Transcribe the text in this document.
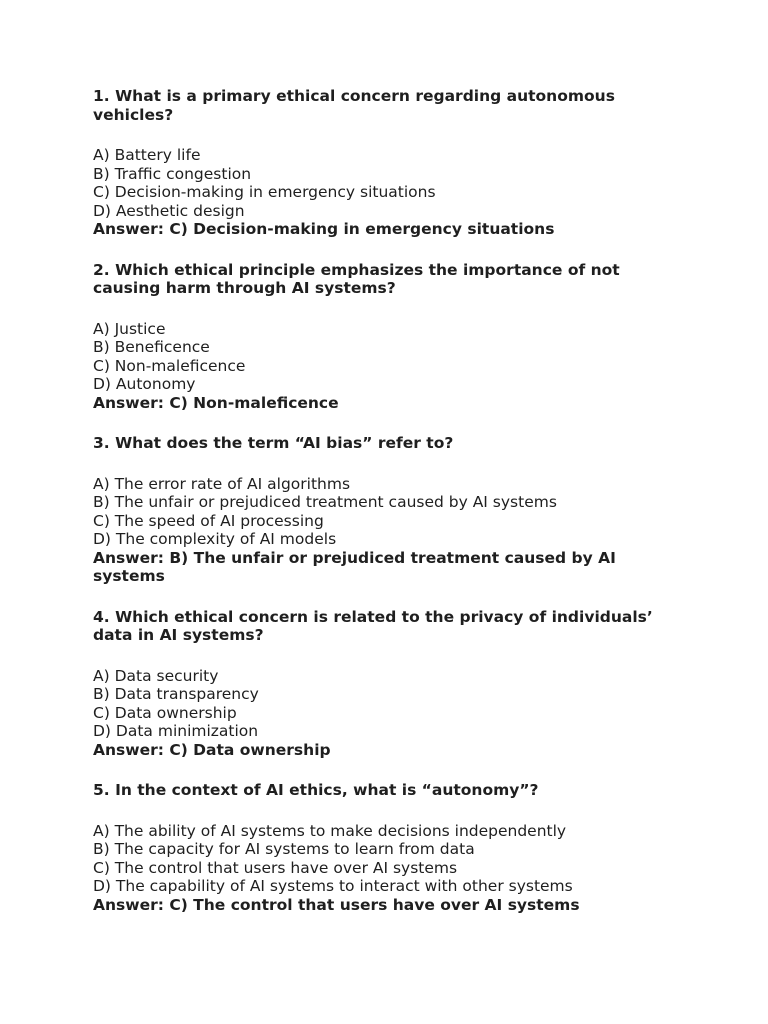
1. What is a primary ethical concern regarding autonomous vehicles?

A) Battery life

B) Traffic congestion

C) Decision-making in emergency situations

D) Aesthetic design

Answer: C) Decision-making in emergency situations

2. Which ethical principle emphasizes the importance of not causing harm through AI systems?

A) Justice

B) Beneficence

C) Non-maleficence

D) Autonomy

Answer: C) Non-maleficence

3. What does the term “AI bias” refer to?

A) The error rate of AI algorithms

B) The unfair or prejudiced treatment caused by AI systems

C) The speed of AI processing

D) The complexity of AI models

Answer: B) The unfair or prejudiced treatment caused by AI systems

4. Which ethical concern is related to the privacy of individuals’ data in AI systems?

A) Data security

B) Data transparency

C) Data ownership

D) Data minimization

Answer: C) Data ownership

5. In the context of AI ethics, what is “autonomy”?

A) The ability of AI systems to make decisions independently

B) The capacity for AI systems to learn from data

C) The control that users have over AI systems

D) The capability of AI systems to interact with other systems

Answer: C) The control that users have over AI systems
